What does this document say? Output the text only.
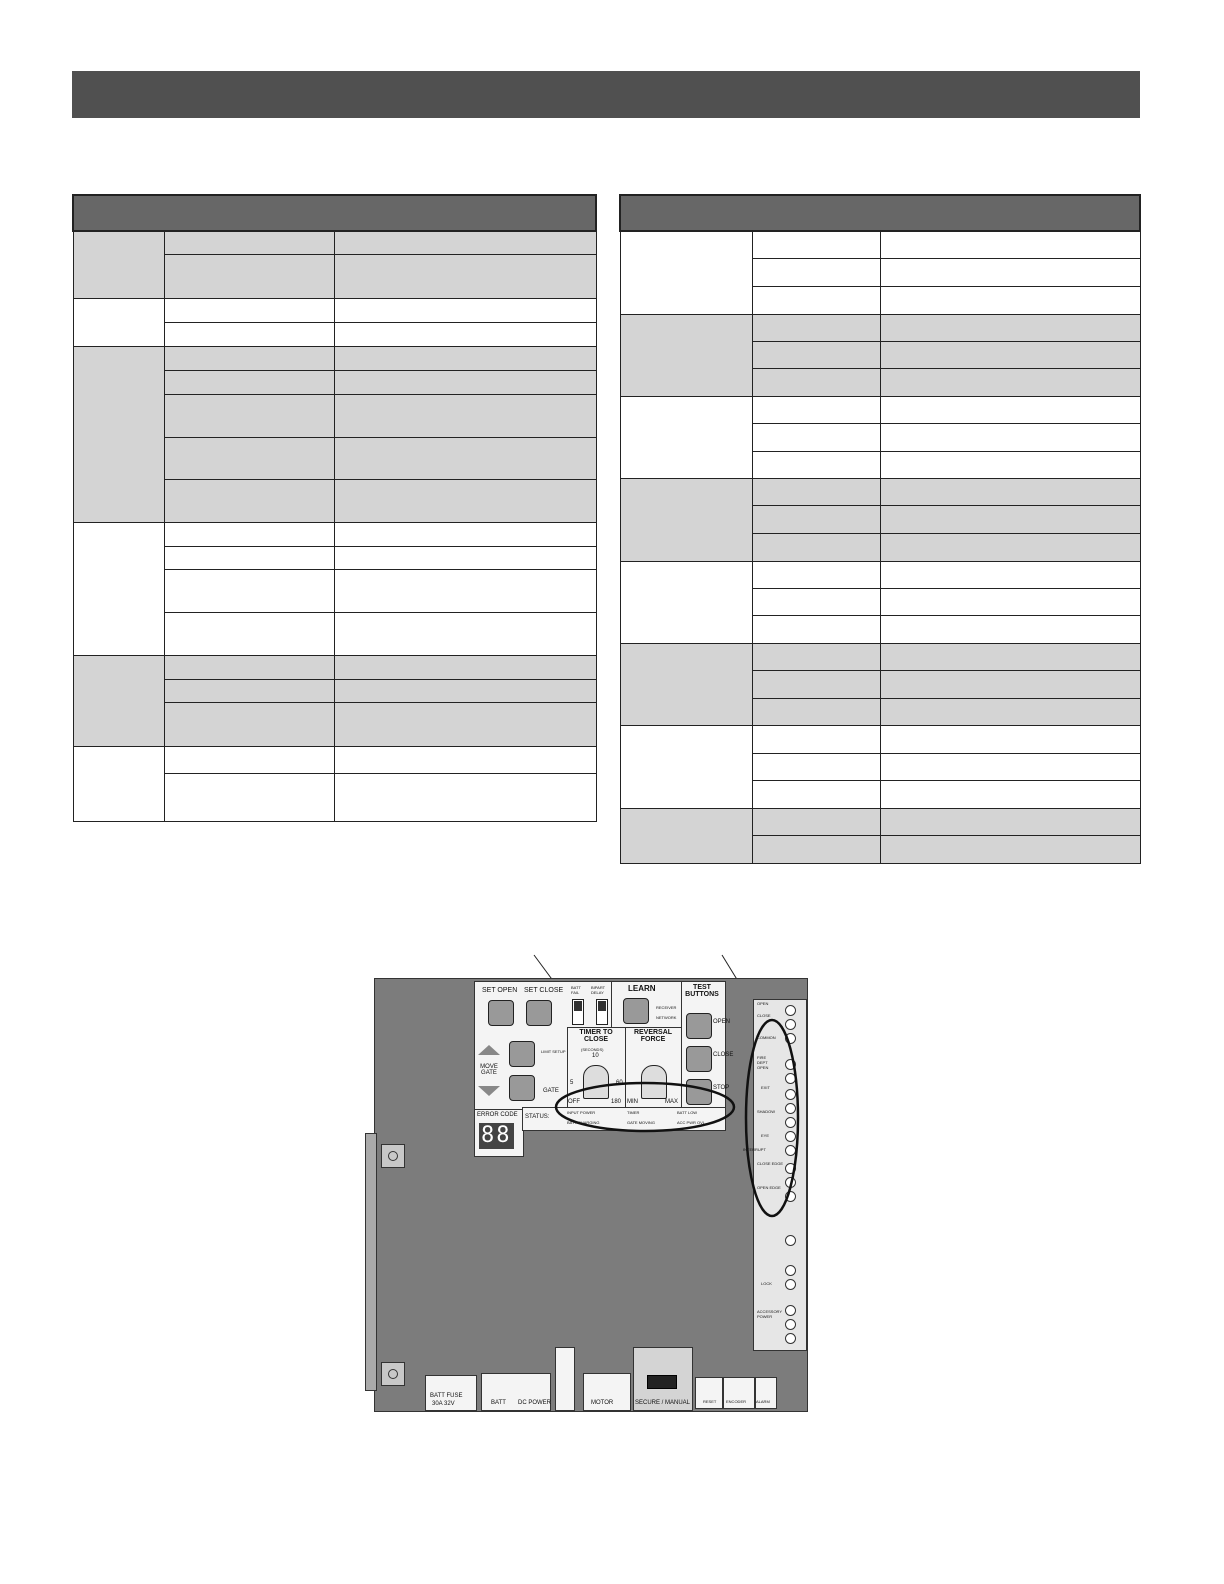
SET OPEN SET CLOSE
MOVE GATE
LIMIT SETUP
GATE
BATT FAIL
BIPART DELAY	LEARN
RECEIVER
NETWORK
TIMER TO CLOSE
(SECONDS)
10
5	60
OFF	180
REVERSAL FORCE
MIN	MAX
TEST BUTTONS
OPEN
CLOSE
STOP
ERROR CODE
88
STATUS:
INPUT POWER	TIMER	BATT LOW
BATT CHARGING	GATE MOVING	ACC PWR OVL
OPEN
CLOSE
COMMON
FIRE DEPT OPEN
EXIT
SHADOW
EYE
INTERRUPT
CLOSE EDGE
OPEN EDGE
LOCK
ACCESSORY POWER
BATT FUSE
30A 32V	BATT DC POWER	MOTOR	SECURE / MANUAL	RESET ENCODER ALARM
